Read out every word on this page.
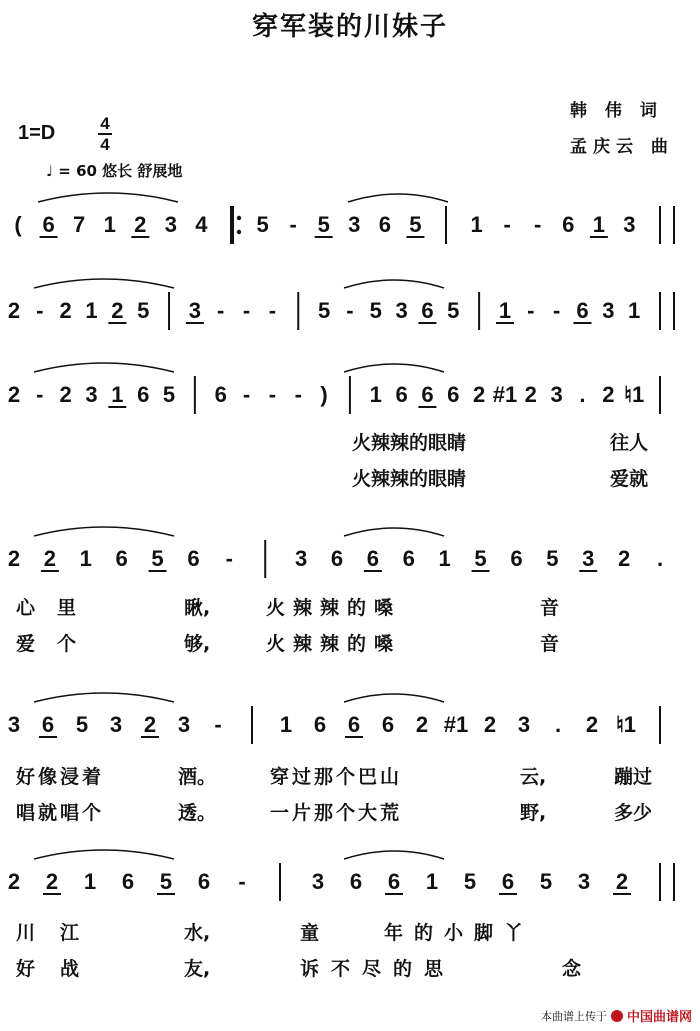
穿军装的川妹子
韩 伟 词
孟庆云 曲
1=D	4
4
♩ = 60 悠长 舒展地
( 6 7 1 2 3 4 5 - 5 3 6 5 1 - - 6 1 3
2 - 2 1 2 5 3 - - - 5 - 5 3 6 5 1 - - 6 3 1
2 - 2 3 1 6 5 6 - - - ) 1 6 6 6 2 #1 2 3 . 2 ♮1
2 2 1 6 5 6 -	3 6 6 6 1 5 6 5 3 2 .
3 6 5 3 2 3 -	1 6 6 6 2 #1 2 3 . 2 ♮1
2 2 1 6 5 6 -	3 6 6 1 5 6 5 3 2
火辣辣的眼睛	往人
火辣辣的眼睛	爱就
心里	瞅,	火辣辣的嗓	音
爱个	够,	火辣辣的嗓	音
好像浸着	酒。	穿过那个巴山	云,	蹦过
唱就唱个	透。	一片那个大荒	野,	多少
川 江	水,	童	年的小脚丫
好 战	友,	诉不尽的思	念
本曲谱上传于 中国曲谱网
